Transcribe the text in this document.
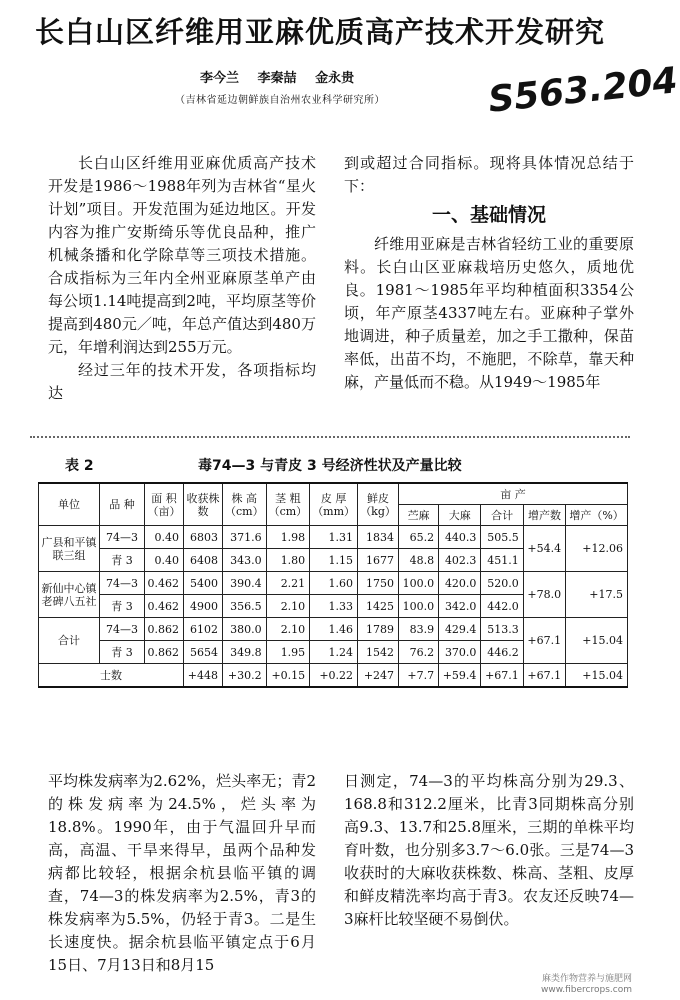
长白山区纤维用亚麻优质高产技术开发研究
李今兰 李秦喆 金永贵
（吉林省延边朝鲜族自治州农业科学研究所）	S563.204

长白山区纤维用亚麻优质高产技术开发是1986～1988年列为吉林省“星火计划”项目。开发范围为延边地区。开发内容为推广安斯绮乐等优良品种，推广机械条播和化学除草等三项技术措施。合成指标为三年内全州亚麻原茎单产由每公顷1.14吨提高到2吨，平均原茎等价提高到480元／吨，年总产值达到480万元，年增利润达到255万元。

经过三年的技术开发，各项指标均达

到或超过合同指标。现将具体情况总结于下：

一、基础情况

纤维用亚麻是吉林省轻纺工业的重要原料。长白山区亚麻栽培历史悠久，质地优良。1981～1985年平均种植面积3354公顷，年产原茎4337吨左右。亚麻种子掌外地调进，种子质量差，加之手工撒种，保苗率低，出苗不均，不施肥，不除草，靠天种麻，产量低而不稳。从1949～1985年

表 2	毒74—3 与青皮 3 号经济性状及产量比较
单位	品 种	面 积（亩）	收获株数	株 高（cm）	茎 粗（cm）	皮 厚（mm）	鲜皮（kg）	亩 产				
								苎麻	大麻	合计	增产数	增产（%）
广县和平镇联三组	74—3	0.40	6803	371.6	1.98	1.31	1834	65.2	440.3	505.5	+54.4	+12.06
	青 3	0.40	6408	343.0	1.80	1.15	1677	48.8	402.3	451.1		
新仙中心镇老碑八五社	74—3	0.462	5400	390.4	2.21	1.60	1750	100.0	420.0	520.0	+78.0	+17.5
	青 3	0.462	4900	356.5	2.10	1.33	1425	100.0	342.0	442.0		
合计	74—3	0.862	6102	380.0	2.10	1.46	1789	83.9	429.4	513.3	+67.1	+15.04
	青 3	0.862	5654	349.8	1.95	1.24	1542	76.2	370.0	446.2		
士数			+448	+30.2	+0.15	+0.22	+247	+7.7	+59.4	+67.1	+67.1	+15.04

平均株发病率为2.62%，烂头率无；青2的株发病率为24.5%，烂头率为18.8%。1990年，由于气温回升早而高，高温、干旱来得早，虽两个品种发病都比较轻，根据余杭县临平镇的调查，74—3的株发病率为2.5%，青3的株发病率为5.5%，仍轻于青3。二是生长速度快。据余杭县临平镇定点于6月15日、7月13日和8月15

日测定，74—3的平均株高分别为29.3、168.8和312.2厘米，比青3同期株高分别高9.3、13.7和25.8厘米，三期的单株平均育叶数，也分别多3.7～6.0张。三是74—3收获时的大麻收获株数、株高、茎粗、皮厚和鲜皮精洗率均高于青3。农友还反映74—3麻杆比较坚硬不易倒伏。

麻类作物营养与施肥网
www.fibercrops.com
